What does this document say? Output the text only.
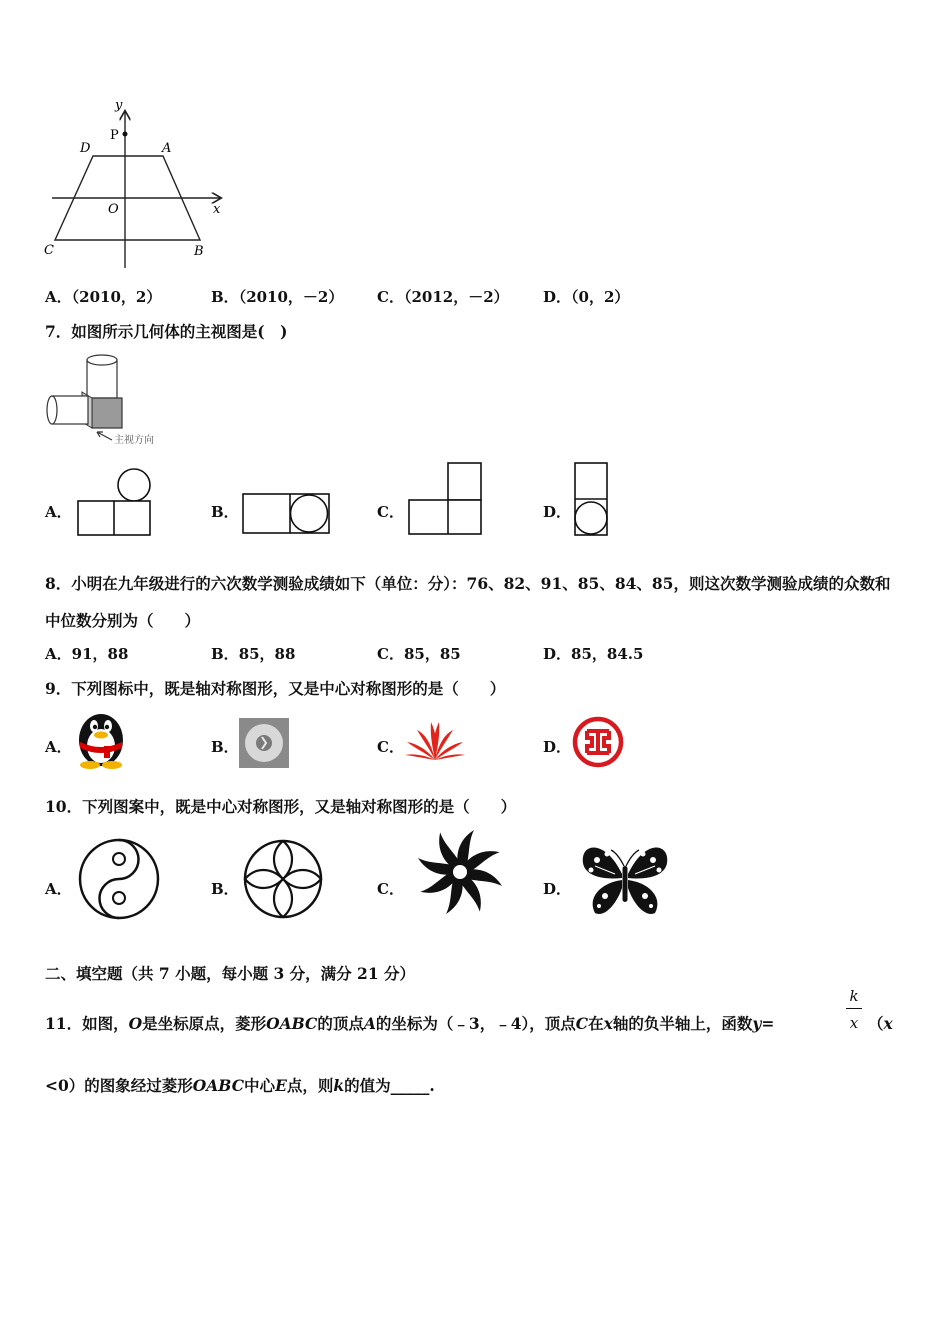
y
P
D	A
O	x
C	B
A．（2010，2）	B．（2010，－2） C．（2012，－2） D．（0，2）
7．如图所示几何体的主视图是(　)
主视方向
A．	B．	C．	D．
8．小明在九年级进行的六次数学测验成绩如下（单位：分）：76、82、91、85、84、85，则这次数学测验成绩的众数和
中位数分别为（　　）
A．91，88	B．85，88	C．85，85	D．85，84.5
9．下列图标中，既是轴对称图形，又是中心对称图形的是（　　）
A．	B．	C．	D．
10．下列图案中，既是中心对称图形，又是轴对称图形的是（　　）
A．	B．	C．	D．
二、填空题（共 7 小题，每小题 3 分，满分 21 分）
11．如图，O是坐标原点，菱形OABC的顶点A的坐标为（﹣3，﹣4），顶点C在x轴的负半轴上，函数y=
k
x （x
<0）的图象经过菱形OABC中心E点，则k的值为_____.
